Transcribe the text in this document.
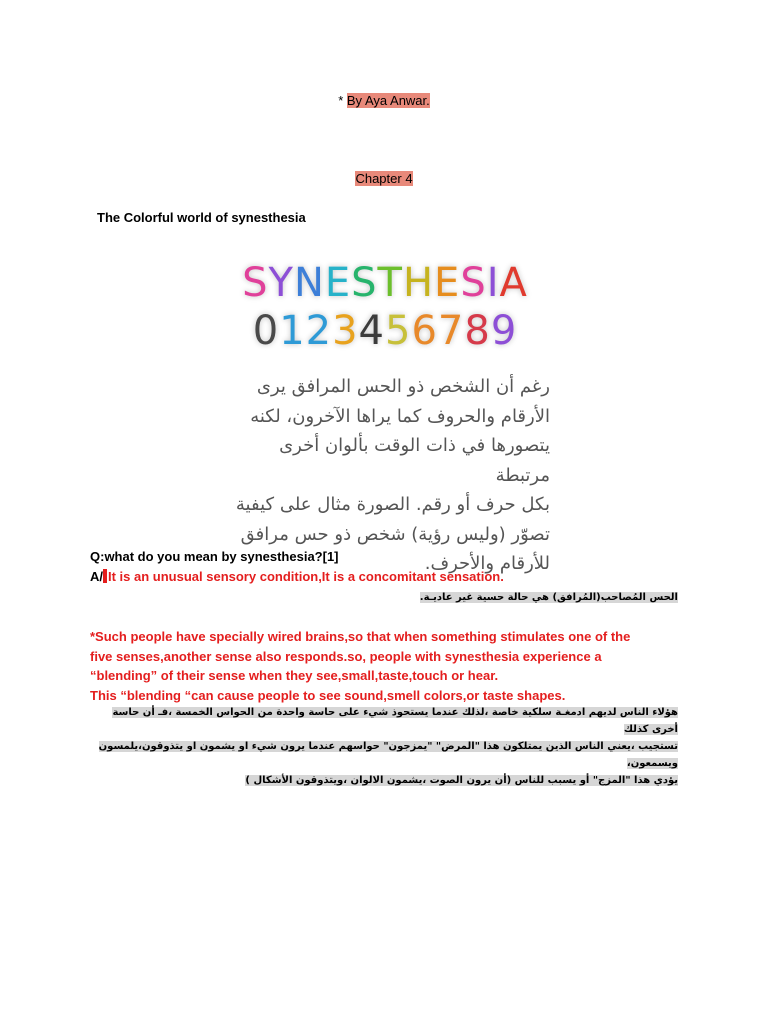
* By Aya Anwar.
Chapter 4
The Colorful world of synesthesia
SYNESTHESIA
0123456789
رغم أن الشخص ذو الحس المرافق يرى
الأرقام والحروف كما يراها الآخرون، لكنه
يتصورها في ذات الوقت بألوان أخرى مرتبطة
بكل حرف أو رقم. الصورة مثال على كيفية
تصوّر (وليس رؤية) شخص ذو حس مرافق
للأرقام والأحرف.
Q:what do you mean by synesthesia?[1]
A/ It is an unusual sensory condition,It is a concomitant sensation.
الحس المُصاحب(المُرافق) هي حالة حسية غير عاديـة.
*Such people have specially wired brains,so that when something stimulates one of the
five senses,another sense also responds.so, people with synesthesia experience a
“blending” of their sense when they see,small,taste,touch or hear.
This “blending “can cause people to see sound,smell colors,or taste shapes.
هؤلاء الناس لديهم ادمغـة سلكية خاصة ،لذلك عندما يستحوذ شيء على حاسة واحدة من الحواس الخمسة ،فـ أن حاسة أخرى كذلك
تستجيب ،يعني الناس الذين يمتلكون هذا "المرض" "يمزجون" حواسهم عندما يرون شيء او يشمون او يتذوقون،يلمسون
ويسمعون،
يؤدي هذا "المزج" أو يسبب للناس (أن يرون الصوت ،يشمون الالوان ،ويتذوقون الأشكال )
